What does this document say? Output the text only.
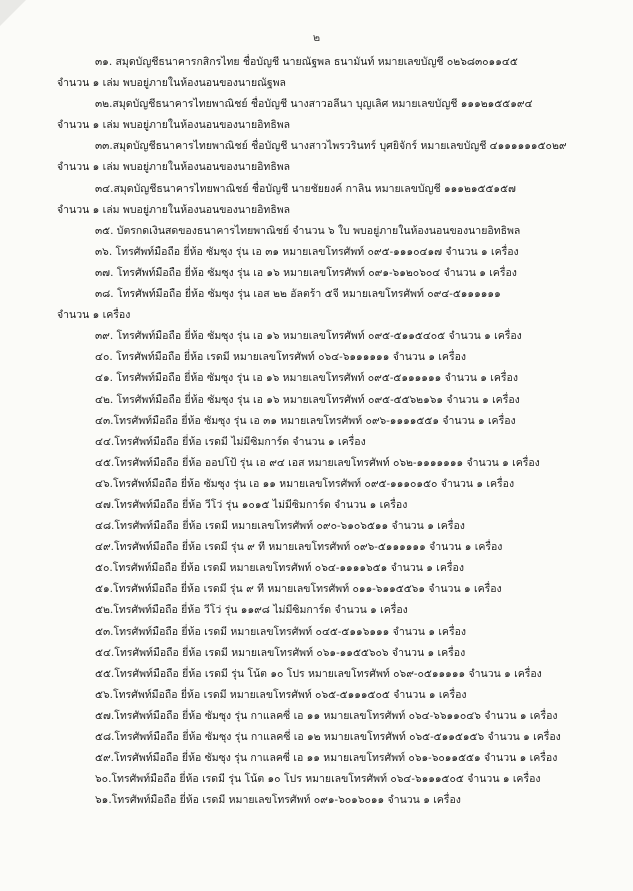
๒
๓๑. สมุดบัญชีธนาคารกสิกรไทย ชื่อบัญชี นายณัฐพล ธนามันท์ หมายเลขบัญชี ๐๒๖๘๓๐๑๑๔๕
จำนวน ๑ เล่ม พบอยู่ภายในห้องนอนของนายณัฐพล
๓๒.สมุดบัญชีธนาคารไทยพาณิชย์ ชื่อบัญชี นางสาวอลีนา บุญเลิศ หมายเลขบัญชี ๑๑๑๒๑๕๕๑๙๔
จำนวน ๑ เล่ม พบอยู่ภายในห้องนอนของนายอิทธิพล
๓๓.สมุดบัญชีธนาคารไทยพาณิชย์ ชื่อบัญชี นางสาวไพรวรินทร์ บุศยิจักร์ หมายเลขบัญชี ๔๑๑๑๑๑๑๕๐๒๙
จำนวน ๑ เล่ม พบอยู่ภายในห้องนอนของนายอิทธิพล
๓๔.สมุดบัญชีธนาคารไทยพาณิชย์ ชื่อบัญชี นายชัยยงค์ กาลิน หมายเลขบัญชี ๑๑๑๒๑๕๕๑๕๗
จำนวน ๑ เล่ม พบอยู่ภายในห้องนอนของนายอิทธิพล
๓๕. บัตรกดเงินสดของธนาคารไทยพาณิชย์ จำนวน ๖ ใบ พบอยู่ภายในห้องนอนของนายอิทธิพล
๓๖. โทรศัพท์มือถือ ยี่ห้อ ซัมซุง รุ่น เอ ๓๑ หมายเลขโทรศัพท์ ๐๙๕-๑๑๑๐๔๑๗ จำนวน ๑ เครื่อง
๓๗. โทรศัพท์มือถือ ยี่ห้อ ซัมซุง รุ่น เอ ๑๖ หมายเลขโทรศัพท์ ๐๙๑-๖๑๒๐๖๐๔ จำนวน ๑ เครื่อง
๓๘. โทรศัพท์มือถือ ยี่ห้อ ซัมซุง รุ่น เอส ๒๒ อัลตร้า ๕จี หมายเลขโทรศัพท์ ๐๙๔-๕๑๑๑๑๑๑
จำนวน ๑ เครื่อง
๓๙. โทรศัพท์มือถือ ยี่ห้อ ซัมซุง รุ่น เอ ๑๖ หมายเลขโทรศัพท์ ๐๙๕-๕๑๑๕๔๐๕ จำนวน ๑ เครื่อง
๔๐. โทรศัพท์มือถือ ยี่ห้อ เรดมี หมายเลขโทรศัพท์ ๐๖๔-๖๑๑๑๑๑๑ จำนวน ๑ เครื่อง
๔๑. โทรศัพท์มือถือ ยี่ห้อ ซัมซุง รุ่น เอ ๑๖ หมายเลขโทรศัพท์ ๐๙๕-๕๑๑๑๑๑๑ จำนวน ๑ เครื่อง
๔๒. โทรศัพท์มือถือ ยี่ห้อ ซัมซุง รุ่น เอ ๑๖ หมายเลขโทรศัพท์ ๐๙๕-๕๕๖๒๑๖๑ จำนวน ๑ เครื่อง
๔๓.โทรศัพท์มือถือ ยี่ห้อ ซัมซุง รุ่น เอ ๓๑ หมายเลขโทรศัพท์ ๐๙๖-๑๑๑๑๕๕๑ จำนวน ๑ เครื่อง
๔๔.โทรศัพท์มือถือ ยี่ห้อ เรดมี ไม่มีซิมการ์ด จำนวน ๑ เครื่อง
๔๕.โทรศัพท์มือถือ ยี่ห้อ ออปโป้ รุ่น เอ ๙๔ เอส หมายเลขโทรศัพท์ ๐๖๒-๑๑๑๑๑๑๑ จำนวน ๑ เครื่อง
๔๖.โทรศัพท์มือถือ ยี่ห้อ ซัมซุง รุ่น เอ ๑๑ หมายเลขโทรศัพท์ ๐๙๕-๑๑๑๐๑๕๐ จำนวน ๑ เครื่อง
๔๗.โทรศัพท์มือถือ ยี่ห้อ วีโว่ รุ่น ๑๐๑๕ ไม่มีซิมการ์ด จำนวน ๑ เครื่อง
๔๘.โทรศัพท์มือถือ ยี่ห้อ เรดมี หมายเลขโทรศัพท์ ๐๙๐-๖๑๐๖๕๑๑ จำนวน ๑ เครื่อง
๔๙.โทรศัพท์มือถือ ยี่ห้อ เรดมี รุ่น ๙ ที หมายเลขโทรศัพท์ ๐๙๖-๕๑๑๑๑๑๑ จำนวน ๑ เครื่อง
๕๐.โทรศัพท์มือถือ ยี่ห้อ เรดมี หมายเลขโทรศัพท์ ๐๖๔-๑๑๑๑๖๕๑ จำนวน ๑ เครื่อง
๕๑.โทรศัพท์มือถือ ยี่ห้อ เรดมี รุ่น ๙ ที หมายเลขโทรศัพท์ ๐๑๑-๖๑๑๕๕๖๑ จำนวน ๑ เครื่อง
๕๒.โทรศัพท์มือถือ ยี่ห้อ วีโว่ รุ่น ๑๑๙๘ ไม่มีซิมการ์ด จำนวน ๑ เครื่อง
๕๓.โทรศัพท์มือถือ ยี่ห้อ เรดมี หมายเลขโทรศัพท์ ๐๔๕-๕๑๑๖๑๑๑ จำนวน ๑ เครื่อง
๕๔.โทรศัพท์มือถือ ยี่ห้อ เรดมี หมายเลขโทรศัพท์ ๐๖๑-๑๑๕๕๖๐๖ จำนวน ๑ เครื่อง
๕๕.โทรศัพท์มือถือ ยี่ห้อ เรดมี รุ่น โน้ต ๑๐ โปร หมายเลขโทรศัพท์ ๐๖๙-๐๕๑๑๑๑๑ จำนวน ๑ เครื่อง
๕๖.โทรศัพท์มือถือ ยี่ห้อ เรดมี หมายเลขโทรศัพท์ ๐๖๕-๕๑๑๑๕๐๕ จำนวน ๑ เครื่อง
๕๗.โทรศัพท์มือถือ ยี่ห้อ ซัมซุง รุ่น กาแลคซี่ เอ ๑๑ หมายเลขโทรศัพท์ ๐๖๔-๖๖๑๑๐๔๖ จำนวน ๑ เครื่อง
๕๘.โทรศัพท์มือถือ ยี่ห้อ ซัมซุง รุ่น กาแลคซี่ เอ ๑๒ หมายเลขโทรศัพท์ ๐๖๕-๕๑๑๕๑๕๖ จำนวน ๑ เครื่อง
๕๙.โทรศัพท์มือถือ ยี่ห้อ ซัมซุง รุ่น กาแลคซี่ เอ ๑๑ หมายเลขโทรศัพท์ ๐๖๑-๖๐๑๑๕๕๑ จำนวน ๑ เครื่อง
๖๐.โทรศัพท์มือถือ ยี่ห้อ เรดมี รุ่น โน้ต ๑๐ โปร หมายเลขโทรศัพท์ ๐๖๔-๖๑๑๑๕๐๕ จำนวน ๑ เครื่อง
๖๑.โทรศัพท์มือถือ ยี่ห้อ เรดมี หมายเลขโทรศัพท์ ๐๙๑-๖๐๑๖๐๑๑ จำนวน ๑ เครื่อง
